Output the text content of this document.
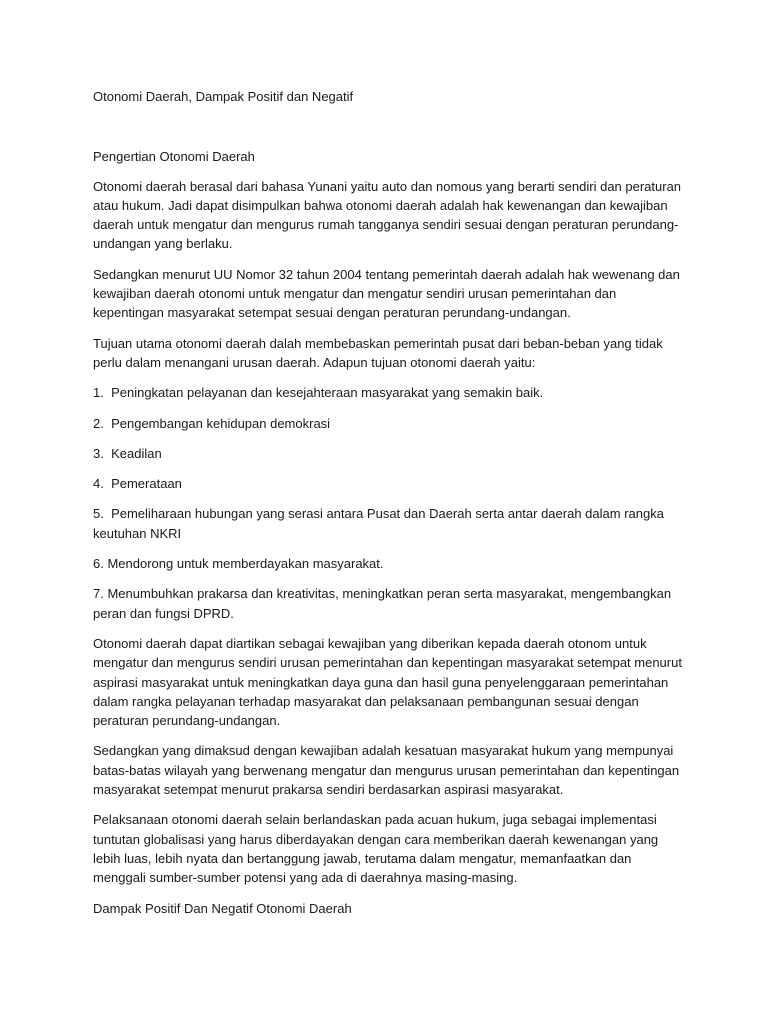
Otonomi Daerah, Dampak Positif dan Negatif
Pengertian Otonomi Daerah

Otonomi daerah berasal dari bahasa Yunani yaitu auto dan nomous yang berarti sendiri dan peraturan atau hukum. Jadi dapat disimpulkan bahwa otonomi daerah adalah hak kewenangan dan kewajiban daerah untuk mengatur dan mengurus rumah tangganya sendiri sesuai dengan peraturan perundang-undangan yang berlaku.

Sedangkan menurut UU Nomor 32 tahun 2004 tentang pemerintah daerah adalah hak wewenang dan kewajiban daerah otonomi untuk mengatur dan mengatur sendiri urusan pemerintahan dan kepentingan masyarakat setempat sesuai dengan peraturan perundang-undangan.

Tujuan utama otonomi daerah dalah membebaskan pemerintah pusat dari beban-beban yang tidak perlu dalam menangani urusan daerah. Adapun tujuan otonomi daerah yaitu:

1. Peningkatan pelayanan dan kesejahteraan masyarakat yang semakin baik.
2. Pengembangan kehidupan demokrasi
3. Keadilan
4. Pemerataan
5. Pemeliharaan hubungan yang serasi antara Pusat dan Daerah serta antar daerah dalam rangka keutuhan NKRI
6. Mendorong untuk memberdayakan masyarakat.
7. Menumbuhkan prakarsa dan kreativitas, meningkatkan peran serta masyarakat, mengembangkan peran dan fungsi DPRD.

Otonomi daerah dapat diartikan sebagai kewajiban yang diberikan kepada daerah otonom untuk mengatur dan mengurus sendiri urusan pemerintahan dan kepentingan masyarakat setempat menurut aspirasi masyarakat untuk meningkatkan daya guna dan hasil guna penyelenggaraan pemerintahan dalam rangka pelayanan terhadap masyarakat dan pelaksanaan pembangunan sesuai dengan peraturan perundang-undangan.

Sedangkan yang dimaksud dengan kewajiban adalah kesatuan masyarakat hukum yang mempunyai batas-batas wilayah yang berwenang mengatur dan mengurus urusan pemerintahan dan kepentingan masyarakat setempat menurut prakarsa sendiri berdasarkan aspirasi masyarakat.

Pelaksanaan otonomi daerah selain berlandaskan pada acuan hukum, juga sebagai implementasi tuntutan globalisasi yang harus diberdayakan dengan cara memberikan daerah kewenangan yang lebih luas, lebih nyata dan bertanggung jawab, terutama dalam mengatur, memanfaatkan dan menggali sumber-sumber potensi yang ada di daerahnya masing-masing.

Dampak Positif Dan Negatif Otonomi Daerah
